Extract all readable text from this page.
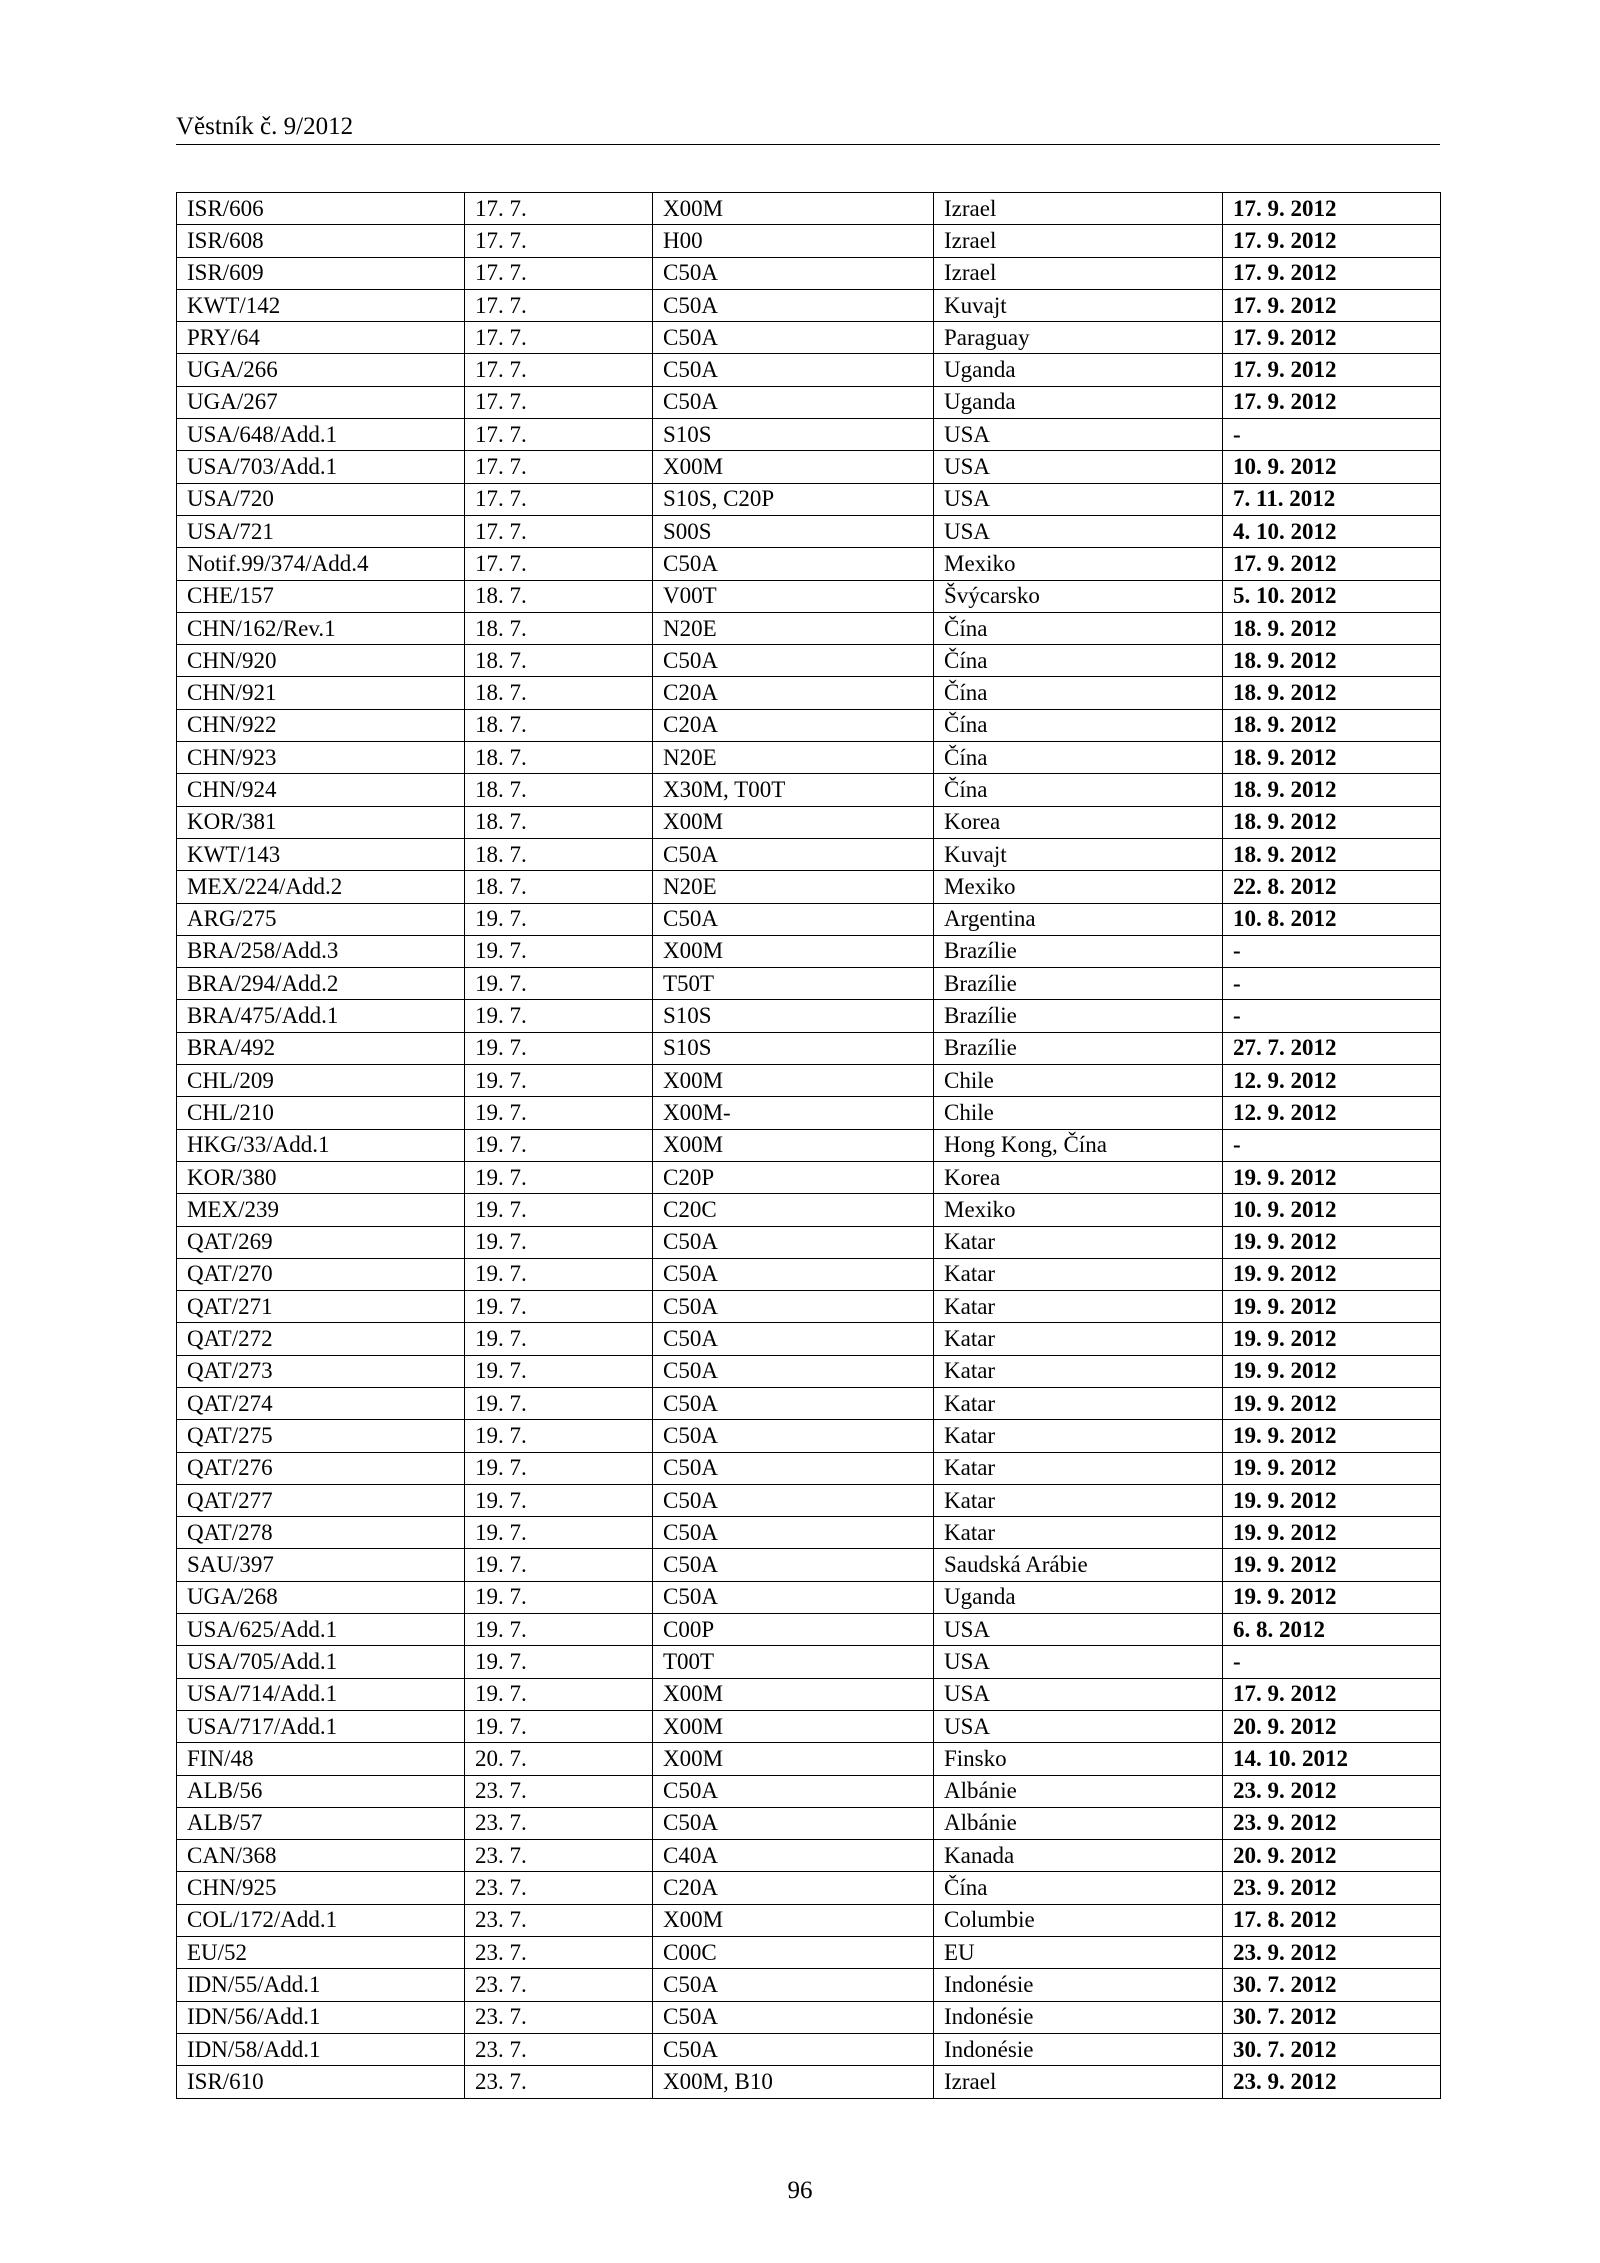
Věstník č. 9/2012
ISR/606	17. 7.	X00M	Izrael	17. 9. 2012
ISR/608	17. 7.	H00	Izrael	17. 9. 2012
ISR/609	17. 7.	C50A	Izrael	17. 9. 2012
KWT/142	17. 7.	C50A	Kuvajt	17. 9. 2012
PRY/64	17. 7.	C50A	Paraguay	17. 9. 2012
UGA/266	17. 7.	C50A	Uganda	17. 9. 2012
UGA/267	17. 7.	C50A	Uganda	17. 9. 2012
USA/648/Add.1	17. 7.	S10S	USA	-
USA/703/Add.1	17. 7.	X00M	USA	10. 9. 2012
USA/720	17. 7.	S10S, C20P	USA	7. 11. 2012
USA/721	17. 7.	S00S	USA	4. 10. 2012
Notif.99/374/Add.4	17. 7.	C50A	Mexiko	17. 9. 2012
CHE/157	18. 7.	V00T	Švýcarsko	5. 10. 2012
CHN/162/Rev.1	18. 7.	N20E	Čína	18. 9. 2012
CHN/920	18. 7.	C50A	Čína	18. 9. 2012
CHN/921	18. 7.	C20A	Čína	18. 9. 2012
CHN/922	18. 7.	C20A	Čína	18. 9. 2012
CHN/923	18. 7.	N20E	Čína	18. 9. 2012
CHN/924	18. 7.	X30M, T00T	Čína	18. 9. 2012
KOR/381	18. 7.	X00M	Korea	18. 9. 2012
KWT/143	18. 7.	C50A	Kuvajt	18. 9. 2012
MEX/224/Add.2	18. 7.	N20E	Mexiko	22. 8. 2012
ARG/275	19. 7.	C50A	Argentina	10. 8. 2012
BRA/258/Add.3	19. 7.	X00M	Brazílie	-
BRA/294/Add.2	19. 7.	T50T	Brazílie	-
BRA/475/Add.1	19. 7.	S10S	Brazílie	-
BRA/492	19. 7.	S10S	Brazílie	27. 7. 2012
CHL/209	19. 7.	X00M	Chile	12. 9. 2012
CHL/210	19. 7.	X00M-	Chile	12. 9. 2012
HKG/33/Add.1	19. 7.	X00M	Hong Kong, Čína	-
KOR/380	19. 7.	C20P	Korea	19. 9. 2012
MEX/239	19. 7.	C20C	Mexiko	10. 9. 2012
QAT/269	19. 7.	C50A	Katar	19. 9. 2012
QAT/270	19. 7.	C50A	Katar	19. 9. 2012
QAT/271	19. 7.	C50A	Katar	19. 9. 2012
QAT/272	19. 7.	C50A	Katar	19. 9. 2012
QAT/273	19. 7.	C50A	Katar	19. 9. 2012
QAT/274	19. 7.	C50A	Katar	19. 9. 2012
QAT/275	19. 7.	C50A	Katar	19. 9. 2012
QAT/276	19. 7.	C50A	Katar	19. 9. 2012
QAT/277	19. 7.	C50A	Katar	19. 9. 2012
QAT/278	19. 7.	C50A	Katar	19. 9. 2012
SAU/397	19. 7.	C50A	Saudská Arábie	19. 9. 2012
UGA/268	19. 7.	C50A	Uganda	19. 9. 2012
USA/625/Add.1	19. 7.	C00P	USA	6. 8. 2012
USA/705/Add.1	19. 7.	T00T	USA	-
USA/714/Add.1	19. 7.	X00M	USA	17. 9. 2012
USA/717/Add.1	19. 7.	X00M	USA	20. 9. 2012
FIN/48	20. 7.	X00M	Finsko	14. 10. 2012
ALB/56	23. 7.	C50A	Albánie	23. 9. 2012
ALB/57	23. 7.	C50A	Albánie	23. 9. 2012
CAN/368	23. 7.	C40A	Kanada	20. 9. 2012
CHN/925	23. 7.	C20A	Čína	23. 9. 2012
COL/172/Add.1	23. 7.	X00M	Columbie	17. 8. 2012
EU/52	23. 7.	C00C	EU	23. 9. 2012
IDN/55/Add.1	23. 7.	C50A	Indonésie	30. 7. 2012
IDN/56/Add.1	23. 7.	C50A	Indonésie	30. 7. 2012
IDN/58/Add.1	23. 7.	C50A	Indonésie	30. 7. 2012
ISR/610	23. 7.	X00M, B10	Izrael	23. 9. 2012
96
